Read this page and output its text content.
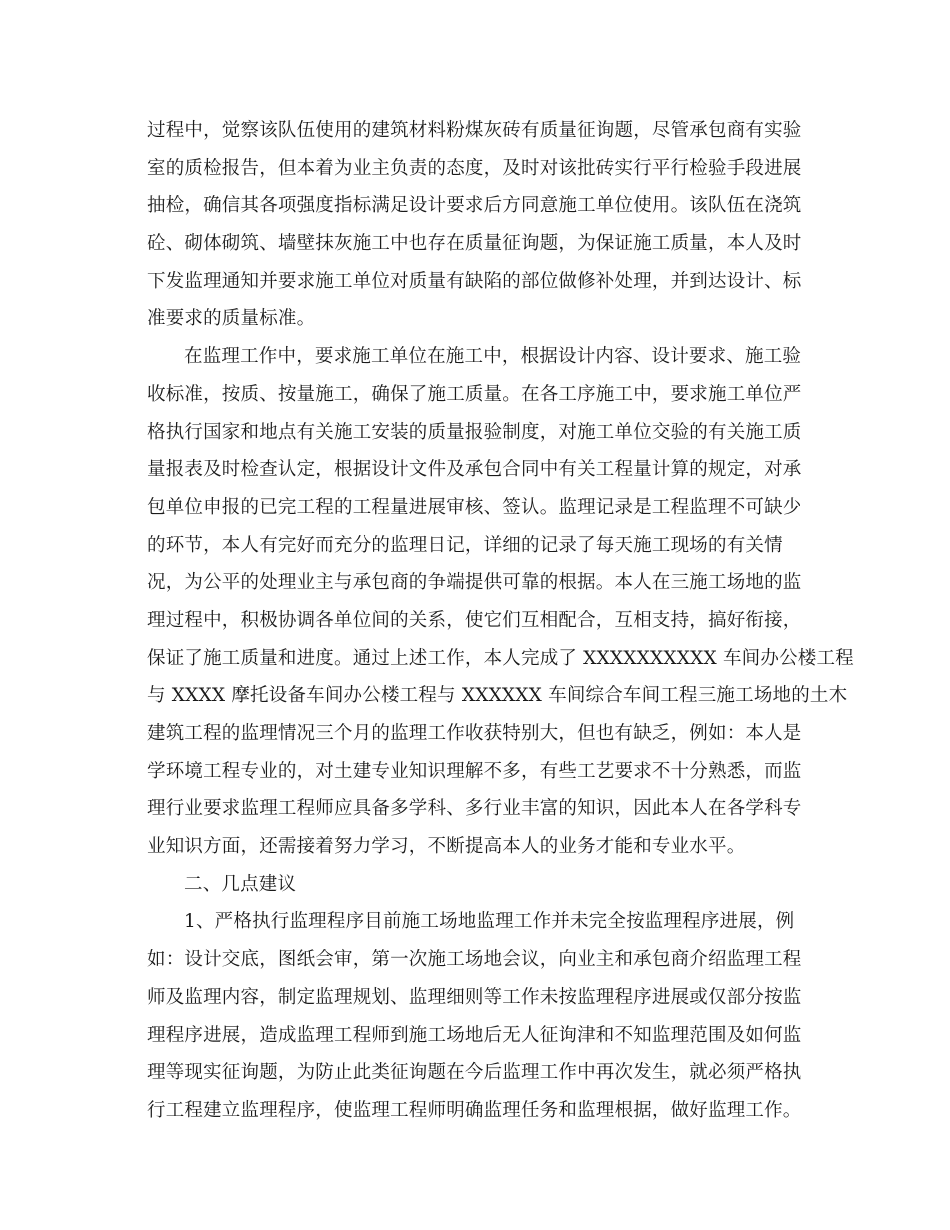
过程中，觉察该队伍使用的建筑材料粉煤灰砖有质量征询题，尽管承包商有实验
室的质检报告，但本着为业主负责的态度，及时对该批砖实行平行检验手段进展
抽检，确信其各项强度指标满足设计要求后方同意施工单位使用。该队伍在浇筑
砼、砌体砌筑、墙壁抹灰施工中也存在质量征询题，为保证施工质量，本人及时
下发监理通知并要求施工单位对质量有缺陷的部位做修补处理，并到达设计、标
准要求的质量标准。
在监理工作中，要求施工单位在施工中，根据设计内容、设计要求、施工验
收标准，按质、按量施工，确保了施工质量。在各工序施工中，要求施工单位严
格执行国家和地点有关施工安装的质量报验制度，对施工单位交验的有关施工质
量报表及时检查认定，根据设计文件及承包合同中有关工程量计算的规定，对承
包单位申报的已完工程的工程量进展审核、签认。监理记录是工程监理不可缺少
的环节，本人有完好而充分的监理日记，详细的记录了每天施工现场的有关情
况，为公平的处理业主与承包商的争端提供可靠的根据。本人在三施工场地的监
理过程中，积极协调各单位间的关系，使它们互相配合，互相支持，搞好衔接，
保证了施工质量和进度。通过上述工作，本人完成了 XXXXXXXXXX 车间办公楼工程
与 XXXX 摩托设备车间办公楼工程与 XXXXXX 车间综合车间工程三施工场地的土木
建筑工程的监理情况三个月的监理工作收获特别大，但也有缺乏，例如：本人是
学环境工程专业的，对土建专业知识理解不多，有些工艺要求不十分熟悉，而监
理行业要求监理工程师应具备多学科、多行业丰富的知识，因此本人在各学科专
业知识方面，还需接着努力学习，不断提高本人的业务才能和专业水平。
二、几点建议
1、严格执行监理程序目前施工场地监理工作并未完全按监理程序进展，例
如：设计交底，图纸会审，第一次施工场地会议，向业主和承包商介绍监理工程
师及监理内容，制定监理规划、监理细则等工作未按监理程序进展或仅部分按监
理程序进展，造成监理工程师到施工场地后无人征询津和不知监理范围及如何监
理等现实征询题，为防止此类征询题在今后监理工作中再次发生，就必须严格执
行工程建立监理程序，使监理工程师明确监理任务和监理根据，做好监理工作。
